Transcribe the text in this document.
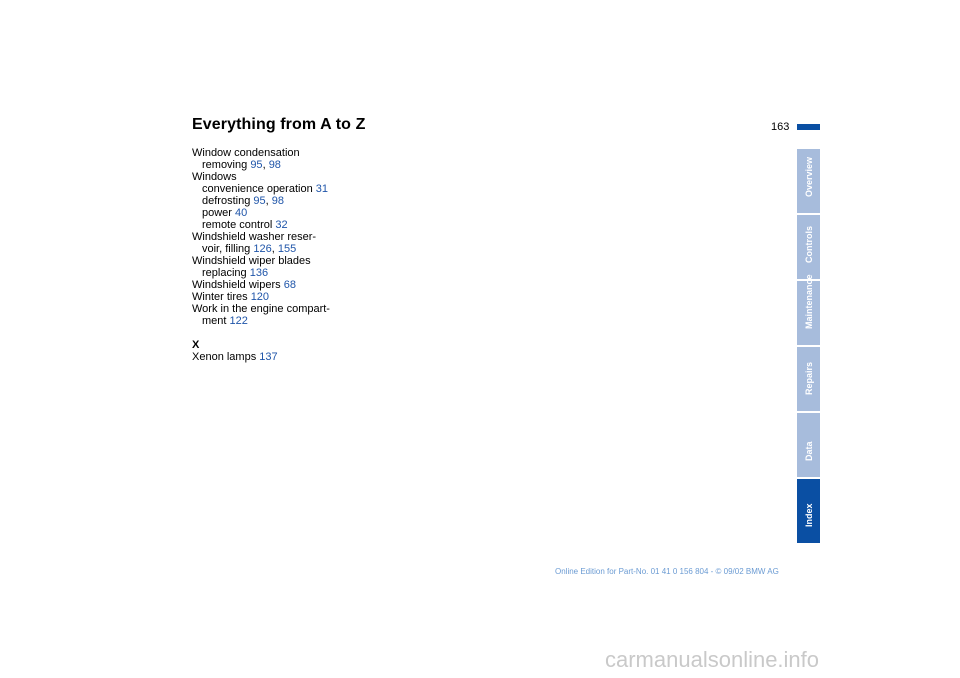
Everything from A to Z	163
Window condensation
removing 95, 98
Windows
convenience operation 31
defrosting 95, 98
power 40
remote control 32
Windshield washer reser-
voir, filling 126, 155
Windshield wiper blades
replacing 136
Windshield wipers 68
Winter tires 120
Work in the engine compart-
ment 122
X
Xenon lamps 137
Overview
Controls
Maintenance
Repairs
Data
Index
Online Edition for Part-No. 01 41 0 156 804 - © 09/02 BMW AG
carmanualsonline.info
